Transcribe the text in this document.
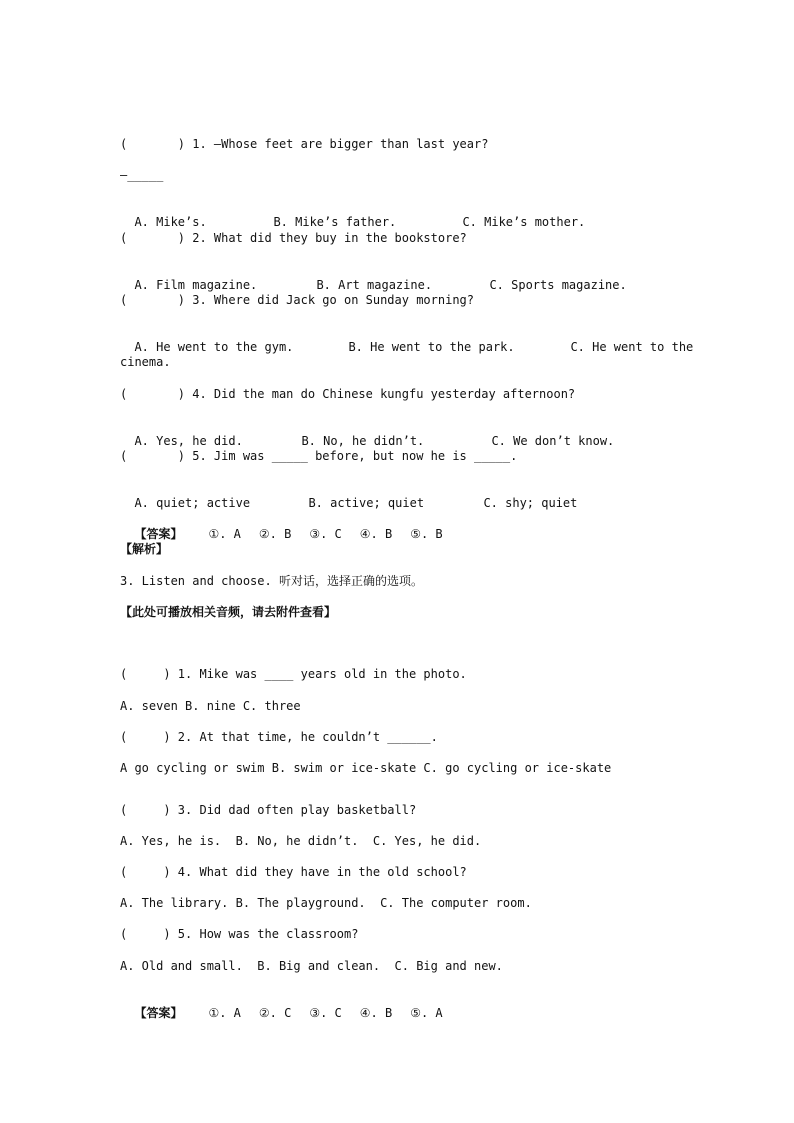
(       ) 1. —Whose feet are bigger than last year?
—_____

A. Mike’s.	B. Mike’s father.	C. Mike’s mother.

(       ) 2. What did they buy in the bookstore?

A. Film magazine.	B. Art magazine.	C. Sports magazine.

(       ) 3. Where did Jack go on Sunday morning?

A. He went to the gym.	B. He went to the park.	C. He went to the

cinema.
(       ) 4. Did the man do Chinese kungfu yesterday afternoon?

A. Yes, he did.	B. No, he didn’t.	C. We don’t know.

(       ) 5. Jim was _____ before, but now he is _____.

A. quiet; active	B. active; quiet	C. shy; quiet

【答案】 ①. A ②. B ③. C ④. B ⑤. B

【解析】
3. Listen and choose. 听对话，选择正确的选项。
【此处可播放相关音频，请去附件查看】
(     ) 1. Mike was ____ years old in the photo.
A. seven B. nine C. three
(     ) 2. At that time, he couldn’t ______.
A go cycling or swim B. swim or ice-skate C. go cycling or ice-skate
(     ) 3. Did dad often play basketball?
A. Yes, he is.  B. No, he didn’t.  C. Yes, he did.
(     ) 4. What did they have in the old school?
A. The library. B. The playground.  C. The computer room.
(     ) 5. How was the classroom?
A. Old and small.  B. Big and clean.  C. Big and new.

【答案】 ①. A ②. C ③. C ④. B ⑤. A
